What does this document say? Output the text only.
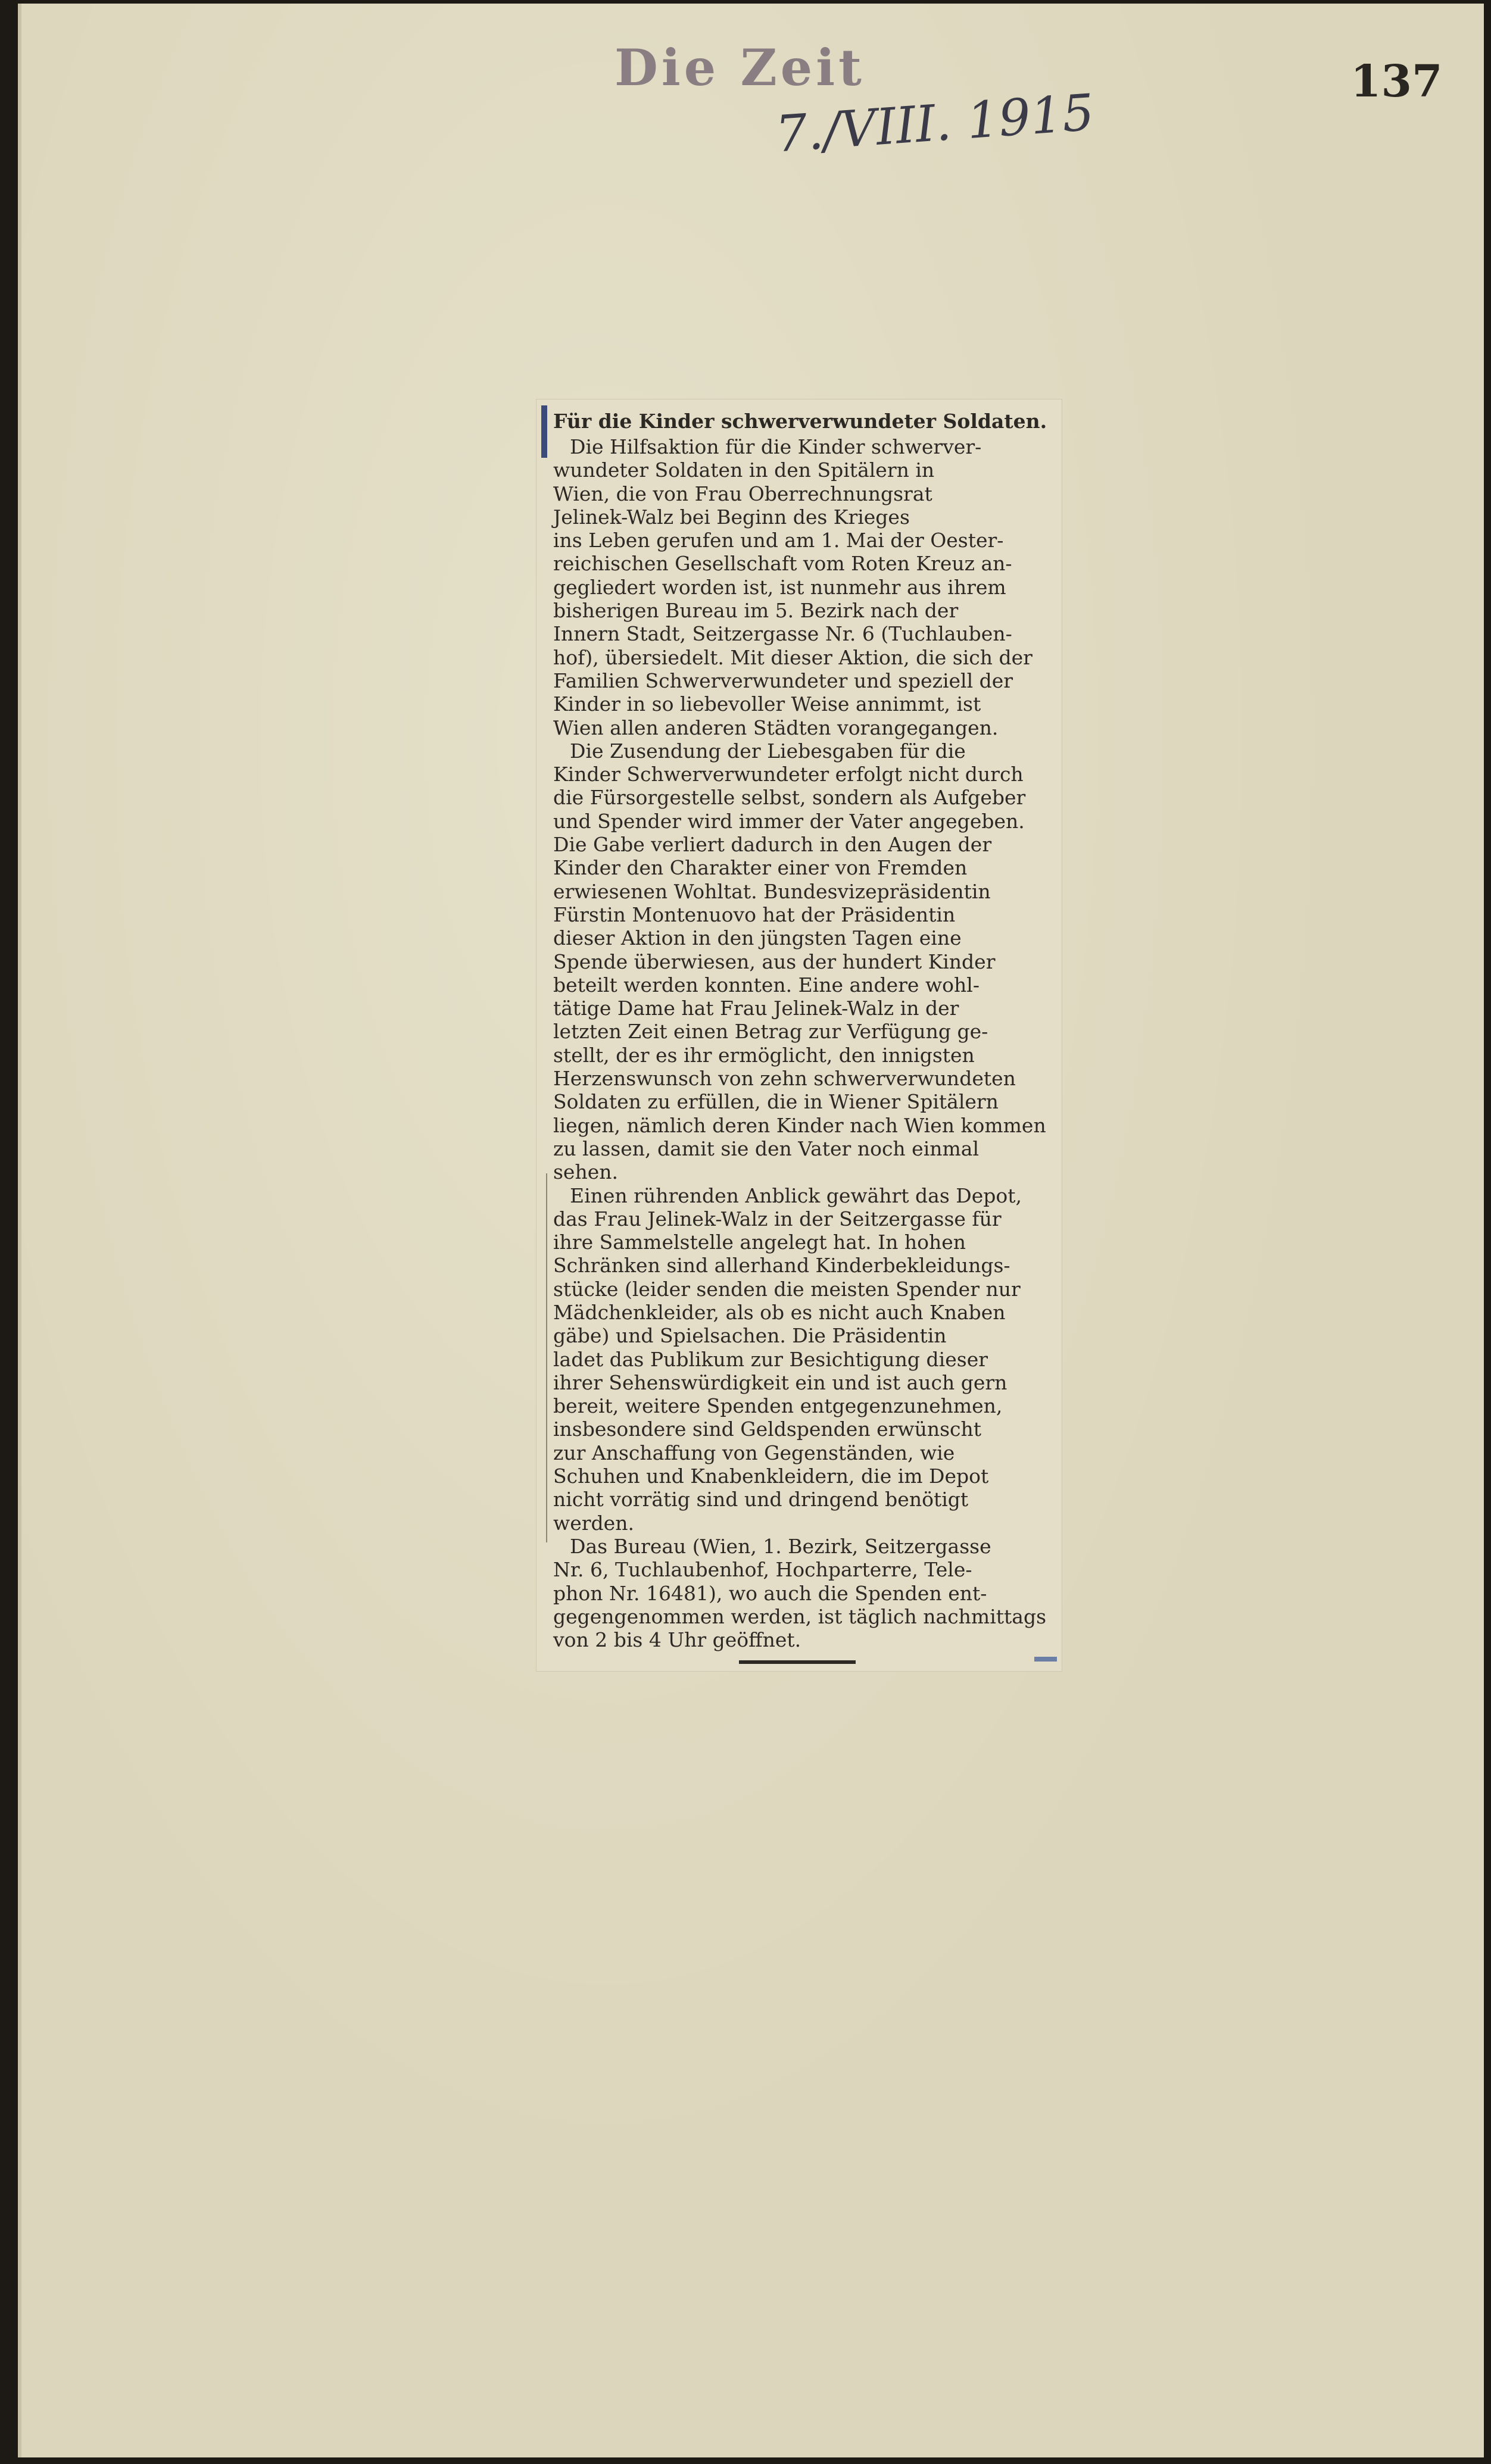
Die Zeit
7./VIII. 1915
137

Für die Kinder schwerverwundeter Soldaten.

Die Hilfsaktion für die Kinder schwerver-
wundeter Soldaten in den Spitälern in
Wien, die von Frau Oberrechnungsrat
Jelinek-Walz bei Beginn des Krieges
ins Leben gerufen und am 1. Mai der Oester-
reichischen Gesellschaft vom Roten Kreuz an-
gegliedert worden ist, ist nunmehr aus ihrem
bisherigen Bureau im 5. Bezirk nach der
Innern Stadt, Seitzergasse Nr. 6 (Tuchlauben-
hof), übersiedelt. Mit dieser Aktion, die sich der
Familien Schwerverwundeter und speziell der
Kinder in so liebevoller Weise annimmt, ist
Wien allen anderen Städten vorangegangen.

Die Zusendung der Liebesgaben für die
Kinder Schwerverwundeter erfolgt nicht durch
die Fürsorgestelle selbst, sondern als Aufgeber
und Spender wird immer der Vater angegeben.
Die Gabe verliert dadurch in den Augen der
Kinder den Charakter einer von Fremden
erwiesenen Wohltat. Bundesvizepräsidentin
Fürstin Montenuovo hat der Präsidentin
dieser Aktion in den jüngsten Tagen eine
Spende überwiesen, aus der hundert Kinder
beteilt werden konnten. Eine andere wohl-
tätige Dame hat Frau Jelinek-Walz in der
letzten Zeit einen Betrag zur Verfügung ge-
stellt, der es ihr ermöglicht, den innigsten
Herzenswunsch von zehn schwerverwundeten
Soldaten zu erfüllen, die in Wiener Spitälern
liegen, nämlich deren Kinder nach Wien kommen
zu lassen, damit sie den Vater noch einmal
sehen.

Einen rührenden Anblick gewährt das Depot,
das Frau Jelinek-Walz in der Seitzergasse für
ihre Sammelstelle angelegt hat. In hohen
Schränken sind allerhand Kinderbekleidungs-
stücke (leider senden die meisten Spender nur
Mädchenkleider, als ob es nicht auch Knaben
gäbe) und Spielsachen. Die Präsidentin
ladet das Publikum zur Besichtigung dieser
ihrer Sehenswürdigkeit ein und ist auch gern
bereit, weitere Spenden entgegenzunehmen,
insbesondere sind Geldspenden erwünscht
zur Anschaffung von Gegenständen, wie
Schuhen und Knabenkleidern, die im Depot
nicht vorrätig sind und dringend benötigt
werden.

Das Bureau (Wien, 1. Bezirk, Seitzergasse
Nr. 6, Tuchlaubenhof, Hochparterre, Tele-
phon Nr. 16481), wo auch die Spenden ent-
gegengenommen werden, ist täglich nachmittags
von 2 bis 4 Uhr geöffnet.
